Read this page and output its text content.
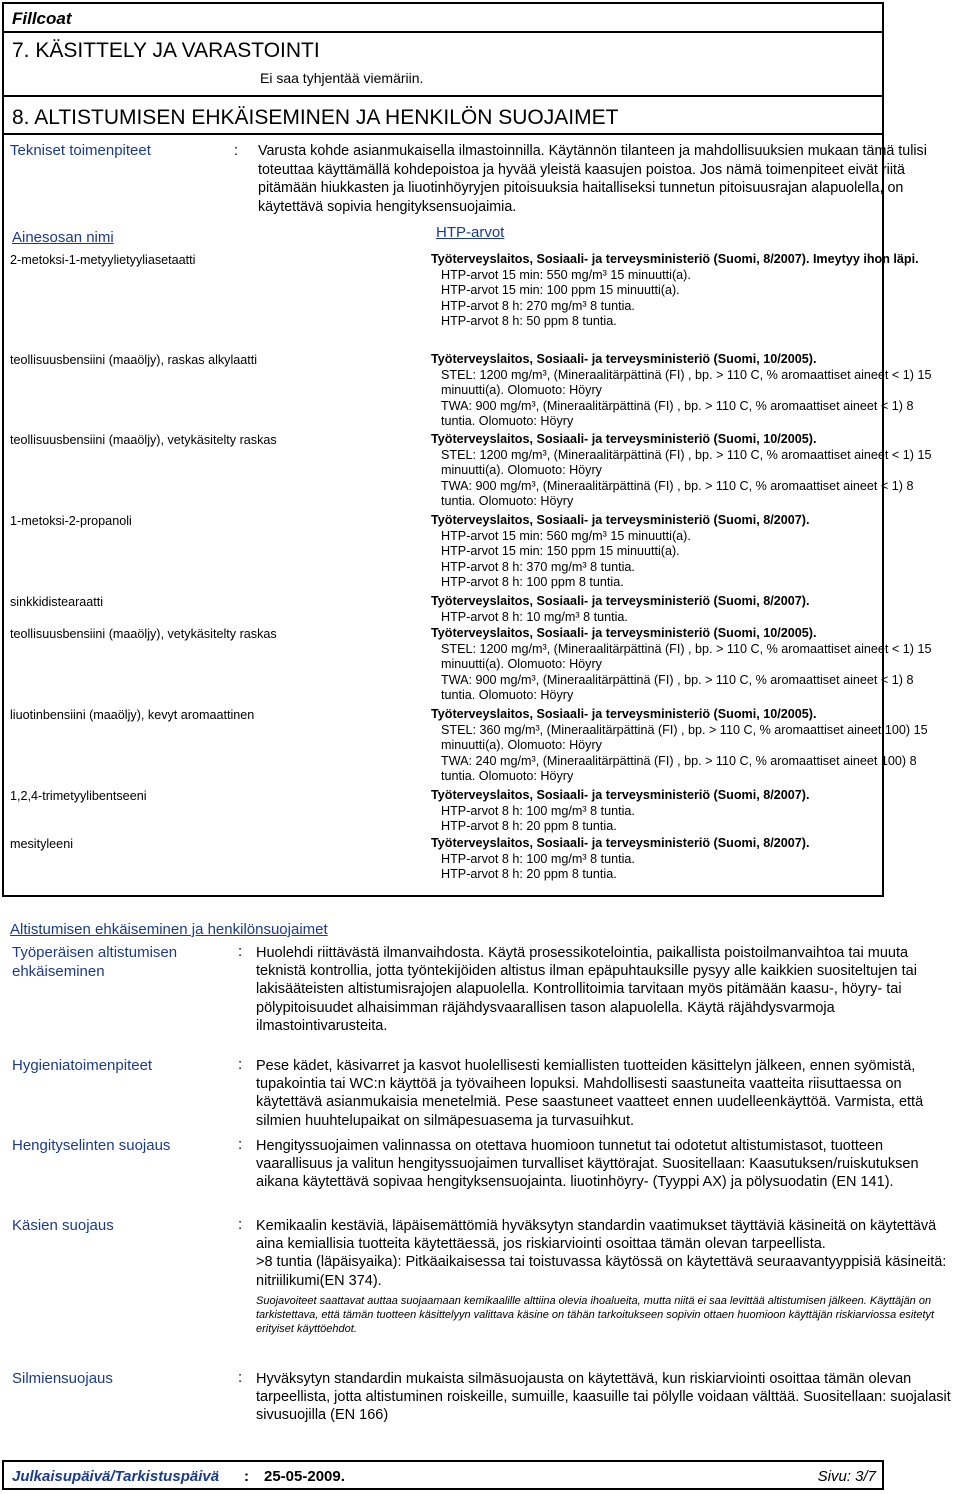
Fillcoat
7. KÄSITTELY JA VARASTOINTI
Ei saa tyhjentää viemäriin.
8. ALTISTUMISEN EHKÄISEMINEN JA HENKILÖN SUOJAIMET
Tekniset toimenpiteet	: Varusta kohde asianmukaisella ilmastoinnilla. Käytännön tilanteen ja mahdollisuuksien mukaan tämä tulisi toteuttaa käyttämällä kohdepoistoa ja hyvää yleistä kaasujen poistoa. Jos nämä toimenpiteet eivät riitä pitämään hiukkasten ja liuotinhöyryjen pitoisuuksia haitalliseksi tunnetun pitoisuusrajan alapuolella, on käytettävä sopivia hengityksensuojaimia.
Ainesosan nimi	HTP-arvot
2-metoksi-1-metyylietyyliasetaatti	Työterveyslaitos, Sosiaali- ja terveysministeriö (Suomi, 8/2007). Imeytyy ihon läpi.
HTP-arvot 15 min: 550 mg/m³ 15 minuutti(a).
HTP-arvot 15 min: 100 ppm 15 minuutti(a).
HTP-arvot 8 h: 270 mg/m³ 8 tuntia.
HTP-arvot 8 h: 50 ppm 8 tuntia.
teollisuusbensiini (maaöljy), raskas alkylaatti	Työterveyslaitos, Sosiaali- ja terveysministeriö (Suomi, 10/2005).
STEL: 1200 mg/m³, (Mineraalitärpättinä (FI) , bp. > 110 C, % aromaattiset aineet < 1) 15 minuutti(a). Olomuoto: Höyry
TWA: 900 mg/m³, (Mineraalitärpättinä (FI) , bp. > 110 C, % aromaattiset aineet < 1) 8 tuntia. Olomuoto: Höyry
teollisuusbensiini (maaöljy), vetykäsitelty raskas	Työterveyslaitos, Sosiaali- ja terveysministeriö (Suomi, 10/2005).
STEL: 1200 mg/m³, (Mineraalitärpättinä (FI) , bp. > 110 C, % aromaattiset aineet < 1) 15 minuutti(a). Olomuoto: Höyry
TWA: 900 mg/m³, (Mineraalitärpättinä (FI) , bp. > 110 C, % aromaattiset aineet < 1) 8 tuntia. Olomuoto: Höyry
1-metoksi-2-propanoli	Työterveyslaitos, Sosiaali- ja terveysministeriö (Suomi, 8/2007).
HTP-arvot 15 min: 560 mg/m³ 15 minuutti(a).
HTP-arvot 15 min: 150 ppm 15 minuutti(a).
HTP-arvot 8 h: 370 mg/m³ 8 tuntia.
HTP-arvot 8 h: 100 ppm 8 tuntia.
sinkkidistearaatti	Työterveyslaitos, Sosiaali- ja terveysministeriö (Suomi, 8/2007).
HTP-arvot 8 h: 10 mg/m³ 8 tuntia.
teollisuusbensiini (maaöljy), vetykäsitelty raskas	Työterveyslaitos, Sosiaali- ja terveysministeriö (Suomi, 10/2005).
STEL: 1200 mg/m³, (Mineraalitärpättinä (FI) , bp. > 110 C, % aromaattiset aineet < 1) 15 minuutti(a). Olomuoto: Höyry
TWA: 900 mg/m³, (Mineraalitärpättinä (FI) , bp. > 110 C, % aromaattiset aineet < 1) 8 tuntia. Olomuoto: Höyry
liuotinbensiini (maaöljy), kevyt aromaattinen	Työterveyslaitos, Sosiaali- ja terveysministeriö (Suomi, 10/2005).
STEL: 360 mg/m³, (Mineraalitärpättinä (FI) , bp. > 110 C, % aromaattiset aineet 100) 15 minuutti(a). Olomuoto: Höyry
TWA: 240 mg/m³, (Mineraalitärpättinä (FI) , bp. > 110 C, % aromaattiset aineet 100) 8 tuntia. Olomuoto: Höyry
1,2,4-trimetyylibentseeni	Työterveyslaitos, Sosiaali- ja terveysministeriö (Suomi, 8/2007).
HTP-arvot 8 h: 100 mg/m³ 8 tuntia.
HTP-arvot 8 h: 20 ppm 8 tuntia.
mesityleeni	Työterveyslaitos, Sosiaali- ja terveysministeriö (Suomi, 8/2007).
HTP-arvot 8 h: 100 mg/m³ 8 tuntia.
HTP-arvot 8 h: 20 ppm 8 tuntia.
Altistumisen ehkäiseminen ja henkilönsuojaimet
Työperäisen altistumisen ehkäiseminen
: Huolehdi riittävästä ilmanvaihdosta. Käytä prosessikotelointia, paikallista poistoilmanvaihtoa tai muuta teknistä kontrollia, jotta työntekijöiden altistus ilman epäpuhtauksille pysyy alle kaikkien suositeltujen tai lakisääteisten altistumisrajojen alapuolella. Kontrollitoimia tarvitaan myös pitämään kaasu-, höyry- tai pölypitoisuudet alhaisimman räjähdysvaarallisen tason alapuolella. Käytä räjähdysvarmoja ilmastointivarusteita.
Hygieniatoimenpiteet	: Pese kädet, käsivarret ja kasvot huolellisesti kemiallisten tuotteiden käsittelyn jälkeen, ennen syömistä, tupakointia tai WC:n käyttöä ja työvaiheen lopuksi. Mahdollisesti saastuneita vaatteita riisuttaessa on käytettävä asianmukaisia menetelmiä. Pese saastuneet vaatteet ennen uudelleenkäyttöä. Varmista, että silmien huuhtelupaikat on silmäpesuasema ja turvasuihkut.
Hengityselinten suojaus	: Hengityssuojaimen valinnassa on otettava huomioon tunnetut tai odotetut altistumistasot, tuotteen vaarallisuus ja valitun hengityssuojaimen turvalliset käyttörajat. Suositellaan: Kaasutuksen/ruiskutuksen aikana käytettävä sopivaa hengityksensuojainta. liuotinhöyry- (Tyyppi AX) ja pölysuodatin (EN 141).
Käsien suojaus	: Kemikaalin kestäviä, läpäisemättömiä hyväksytyn standardin vaatimukset täyttäviä käsineitä on käytettävä aina kemiallisia tuotteita käytettäessä, jos riskiarviointi osoittaa tämän olevan tarpeellista.
>8 tuntia (läpäisyaika): Pitkäaikaisessa tai toistuvassa käytössä on käytettävä seuraavantyyppisiä käsineitä: nitriilikumi(EN 374).
Suojavoiteet saattavat auttaa suojaamaan kemikaalille alttiina olevia ihoalueita, mutta niitä ei saa levittää altistumisen jälkeen. Käyttäjän on tarkistettava, että tämän tuotteen käsittelyyn valittava käsine on tähän tarkoitukseen sopivin ottaen huomioon käyttäjän riskiarviossa esitetyt erityiset käyttöehdot.
Silmiensuojaus	: Hyväksytyn standardin mukaista silmäsuojausta on käytettävä, kun riskiarviointi osoittaa tämän olevan tarpeellista, jotta altistuminen roiskeille, sumuille, kaasuille tai pölylle voidaan välttää. Suositellaan: suojalasit sivusuojilla (EN 166)
Julkaisupäivä/Tarkistuspäivä : 25-05-2009.	Sivu: 3/7
